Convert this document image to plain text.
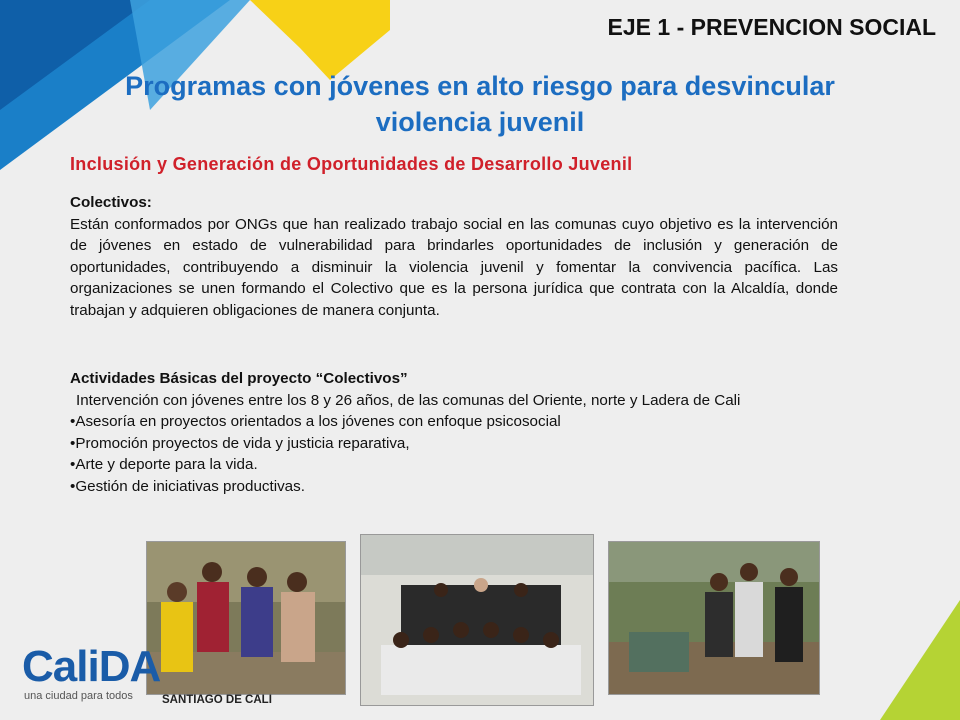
EJE 1 - PREVENCION SOCIAL
Programas con jóvenes en alto riesgo para desvincular violencia juvenil
Inclusión y Generación de Oportunidades de Desarrollo Juvenil
Colectivos:
Están conformados por ONGs que han realizado trabajo social en las comunas cuyo objetivo es la intervención de jóvenes en estado de vulnerabilidad para brindarles oportunidades de inclusión y generación de oportunidades, contribuyendo a disminuir la violencia juvenil y fomentar la convivencia pacífica. Las organizaciones se unen formando el Colectivo que es la persona jurídica que contrata con la Alcaldía, donde trabajan y adquieren obligaciones de manera conjunta.
Actividades Básicas del proyecto “Colectivos”
Intervención con jóvenes entre los 8 y 26 años, de las comunas del Oriente, norte y Ladera de Cali
•Asesoría en proyectos orientados a los jóvenes con enfoque psicosocial
•Promoción proyectos de vida y justicia reparativa,
•Arte y deporte para la vida.
•Gestión de iniciativas productivas.
CaliDA
una ciudad para todos	SANTIAGO DE CALI
